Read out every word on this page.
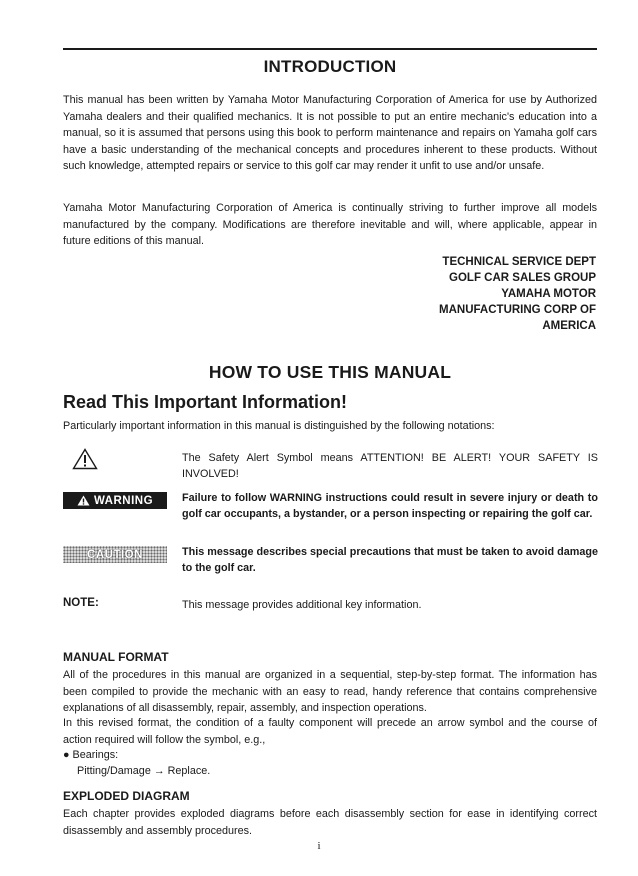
INTRODUCTION

This manual has been written by Yamaha Motor Manufacturing Corporation of America for use by Authorized Yamaha dealers and their qualified mechanics. It is not possible to put an entire mechanic's education into a manual, so it is assumed that persons using this book to perform maintenance and repairs on Yamaha golf cars have a basic understanding of the mechanical concepts and procedures inherent to these products. Without such knowledge, attempted repairs or service to this golf car may render it unfit to use and/or unsafe.

Yamaha Motor Manufacturing Corporation of America is continually striving to further improve all models manufactured by the company. Modifications are therefore inevitable and will, where applicable, appear in future editions of this manual.

TECHNICAL SERVICE DEPT
GOLF CAR SALES GROUP
YAMAHA MOTOR
MANUFACTURING CORP OF
AMERICA
HOW TO USE THIS MANUAL
Read This Important Information!

Particularly important information in this manual is distinguished by the following notations:

The Safety Alert Symbol means ATTENTION! BE ALERT! YOUR SAFETY IS INVOLVED!

WARNING	Failure to follow WARNING instructions could result in severe injury or death to golf car occupants, a bystander, or a person inspecting or repairing the golf car.

CAUTION	This message describes special precautions that must be taken to avoid damage to the golf car.

NOTE:	This message provides additional key information.

MANUAL FORMAT

All of the procedures in this manual are organized in a sequential, step-by-step format. The information has been compiled to provide the mechanic with an easy to read, handy reference that contains comprehensive explanations of all disassembly, repair, assembly, and inspection operations.

In this revised format, the condition of a faulty component will precede an arrow symbol and the course of action required will follow the symbol, e.g.,

● Bearings:
Pitting/Damage → Replace.
EXPLODED DIAGRAM

Each chapter provides exploded diagrams before each disassembly section for ease in identifying correct disassembly and assembly procedures.

i
